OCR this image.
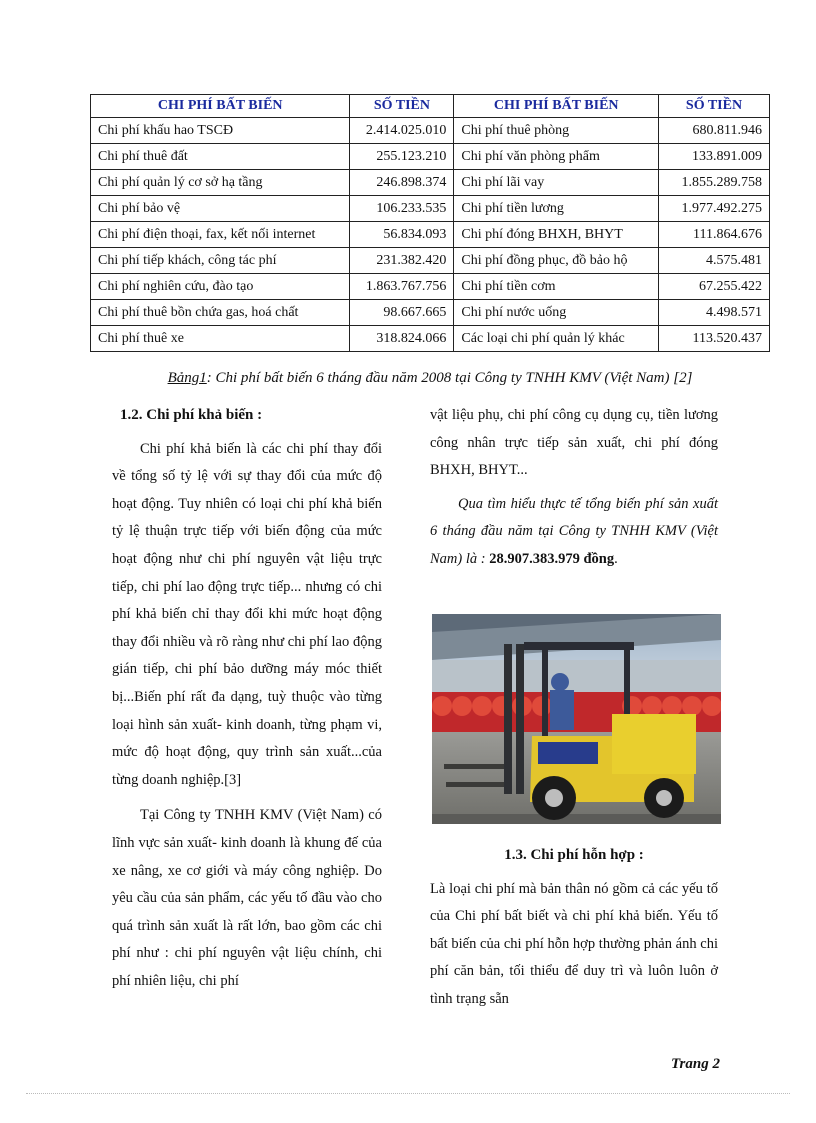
CHI PHÍ BẤT BIẾN	SỐ TIỀN	CHI PHÍ BẤT BIẾN	SỐ TIỀN
Chi phí khấu hao TSCĐ	2.414.025.010	Chi phí thuê phòng	680.811.946
Chi phí thuê đất	255.123.210	Chi phí văn phòng phẩm	133.891.009
Chi phí quản lý cơ sở hạ tầng	246.898.374	Chi phí lãi vay	1.855.289.758
Chi phí bảo vệ	106.233.535	Chi phí tiền lương	1.977.492.275
Chi phí điện thoại, fax, kết nối internet	56.834.093	Chi phí đóng BHXH, BHYT	111.864.676
Chi phí tiếp khách, công tác phí	231.382.420	Chi phí đồng phục, đồ bảo hộ	4.575.481
Chi phí nghiên cứu, đào tạo	1.863.767.756	Chi phí tiền cơm	67.255.422
Chi phí thuê bồn chứa gas, hoá chất	98.667.665	Chi phí nước uống	4.498.571
Chi phí thuê xe	318.824.066	Các loại chi phí quản lý khác	113.520.437
Bảng1: Chi phí bất biến 6 tháng đầu năm 2008 tại Công ty TNHH KMV (Việt Nam) [2]

1.2. Chi phí khả biến :

Chi phí khả biến là các chi phí thay đổi về tổng số tỷ lệ với sự thay đổi của mức độ hoạt động. Tuy nhiên có loại chi phí khả biến tỷ lệ thuận trực tiếp với biến động của mức hoạt động như chi phí nguyên vật liệu trực tiếp, chi phí lao động trực tiếp... nhưng có chi phí khả biến chỉ thay đổi khi mức hoạt động thay đổi nhiều và rõ ràng như chi phí lao động gián tiếp, chi phí bảo dưỡng máy móc thiết bị...Biến phí rất đa dạng, tuỳ thuộc vào từng loại hình sản xuất- kinh doanh, từng phạm vi, mức độ hoạt động, quy trình sản xuất...của từng doanh nghiệp.[3]

Tại Công ty TNHH KMV (Việt Nam) có lĩnh vực sản xuất- kinh doanh là khung đế của xe nâng, xe cơ giới và máy công nghiệp. Do yêu cầu của sản phẩm, các yếu tố đầu vào cho quá trình sản xuất là rất lớn, bao gồm các chi phí như : chi phí nguyên vật liệu chính, chi phí nhiên liệu, chi phí

vật liệu phụ, chi phí công cụ dụng cụ, tiền lương công nhân trực tiếp sản xuất, chi phí đóng BHXH, BHYT...

Qua tìm hiểu thực tế tổng biến phí sản xuất 6 tháng đầu năm tại Công ty TNHH KMV (Việt Nam) là : 28.907.383.979 đồng.

1.3. Chi phí hỗn hợp :

Là loại chi phí mà bản thân nó gồm cả các yếu tố của Chi phí bất biết và chi phí khả biến. Yếu tố bất biến của chi phí hỗn hợp thường phản ánh chi phí căn bản, tối thiểu để duy trì và luôn luôn ở tình trạng sẵn

Trang 2
